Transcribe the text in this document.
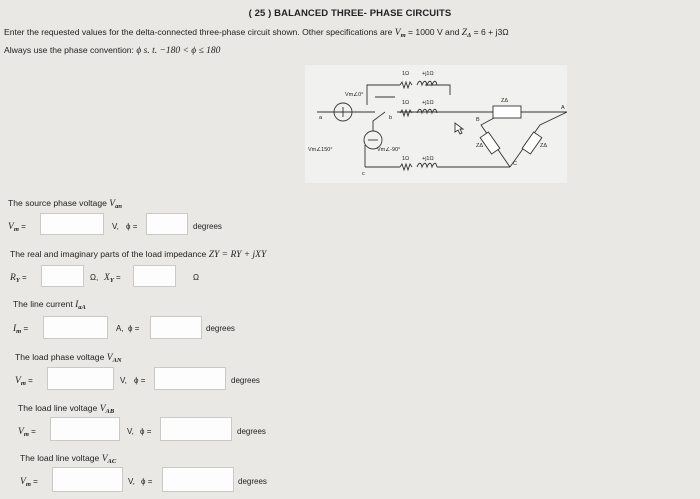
( 25 ) BALANCED THREE- PHASE CIRCUITS
Enter the requested values for the delta-connected three-phase circuit shown. Other specifications are $V_m = 1000$ V and $Z_\Delta = 6 + j3\Omega$
Always use the phase convention: ϕ s. t. −180 < ϕ ≤ 180
1Ω +j1Ω
1Ω +j1Ω
1Ω +j1Ω
Vm∠0°
Vm∠150°	Vm∠-90°
a	b
c
A
B
C
ZΔ
ZΔ	ZΔ
The source phase voltage $V_{an}$
$V_m$ =	V, ϕ =	degrees
The real and imaginary parts of the load impedance ZY = RY + jXY
$R_Y$ =	Ω, $X_Y$ =	Ω
The line current $I_{aA}$
$I_m$ =	A, ϕ =	degrees
The load phase voltage $V_{AN}$
$V_m$ =	V, ϕ =	degrees
The load line voltage $V_{AB}$
$V_m$ =	V, ϕ =	degrees
The load line voltage $V_{AC}$
$V_m$ =	V, ϕ =	degrees
